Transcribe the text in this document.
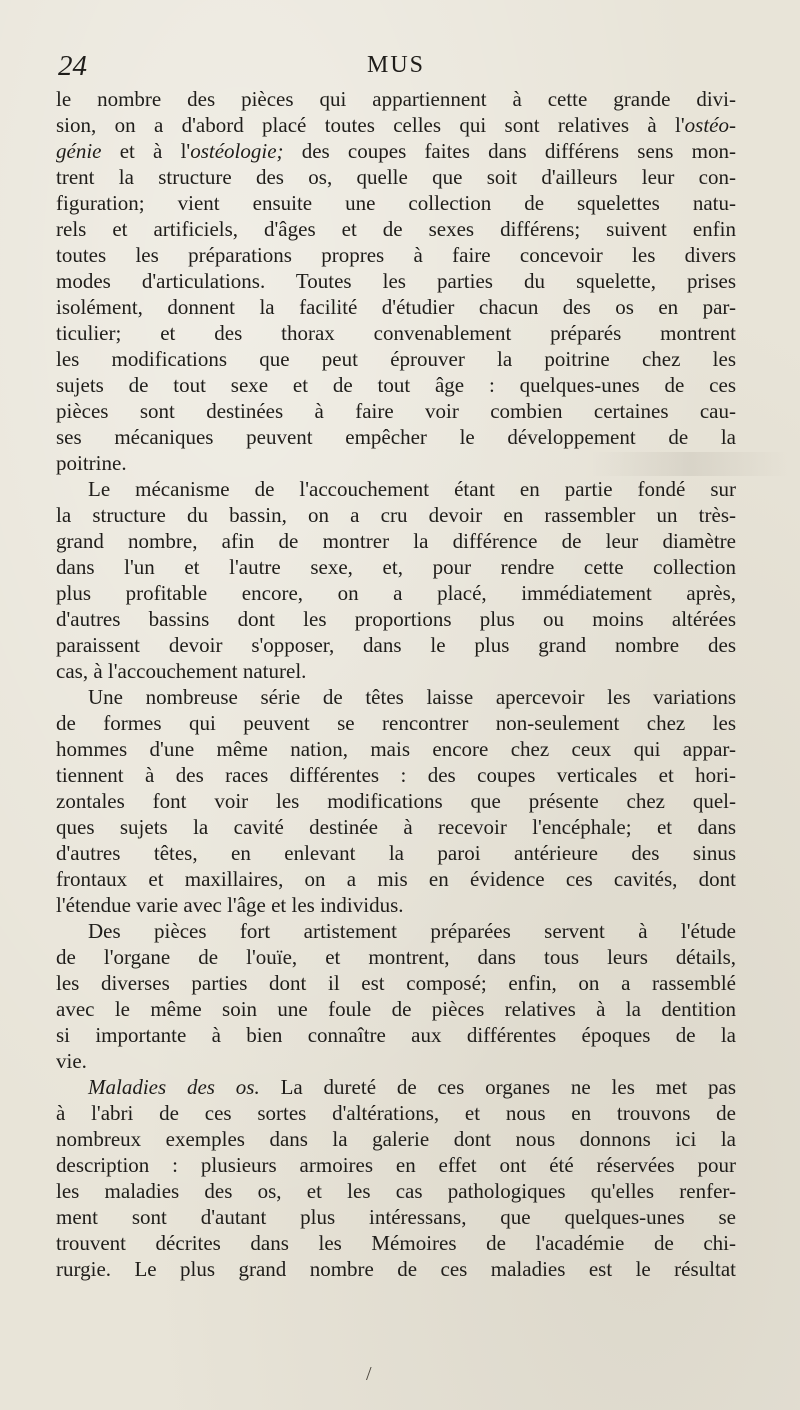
24	MUS
le nombre des pièces qui appartiennent à cette grande divi-
sion, on a d'abord placé toutes celles qui sont relatives à l'ostéo-
génie et à l'ostéologie; des coupes faites dans différens sens mon-
trent la structure des os, quelle que soit d'ailleurs leur con-
figuration; vient ensuite une collection de squelettes natu-
rels et artificiels, d'âges et de sexes différens; suivent enfin
toutes les préparations propres à faire concevoir les divers
modes d'articulations. Toutes les parties du squelette, prises
isolément, donnent la facilité d'étudier chacun des os en par-
ticulier; et des thorax convenablement préparés montrent
les modifications que peut éprouver la poitrine chez les
sujets de tout sexe et de tout âge : quelques-unes de ces
pièces sont destinées à faire voir combien certaines cau-
ses mécaniques peuvent empêcher le développement de la
poitrine.
Le mécanisme de l'accouchement étant en partie fondé sur
la structure du bassin, on a cru devoir en rassembler un très-
grand nombre, afin de montrer la différence de leur diamètre
dans l'un et l'autre sexe, et, pour rendre cette collection
plus profitable encore, on a placé, immédiatement après,
d'autres bassins dont les proportions plus ou moins altérées
paraissent devoir s'opposer, dans le plus grand nombre des
cas, à l'accouchement naturel.
Une nombreuse série de têtes laisse apercevoir les variations
de formes qui peuvent se rencontrer non-seulement chez les
hommes d'une même nation, mais encore chez ceux qui appar-
tiennent à des races différentes : des coupes verticales et hori-
zontales font voir les modifications que présente chez quel-
ques sujets la cavité destinée à recevoir l'encéphale; et dans
d'autres têtes, en enlevant la paroi antérieure des sinus
frontaux et maxillaires, on a mis en évidence ces cavités, dont
l'étendue varie avec l'âge et les individus.
Des pièces fort artistement préparées servent à l'étude
de l'organe de l'ouïe, et montrent, dans tous leurs détails,
les diverses parties dont il est composé; enfin, on a rassemblé
avec le même soin une foule de pièces relatives à la dentition
si importante à bien connaître aux différentes époques de la
vie.
Maladies des os. La dureté de ces organes ne les met pas
à l'abri de ces sortes d'altérations, et nous en trouvons de
nombreux exemples dans la galerie dont nous donnons ici la
description : plusieurs armoires en effet ont été réservées pour
les maladies des os, et les cas pathologiques qu'elles renfer-
ment sont d'autant plus intéressans, que quelques-unes se
trouvent décrites dans les Mémoires de l'académie de chi-
rurgie. Le plus grand nombre de ces maladies est le résultat
/
